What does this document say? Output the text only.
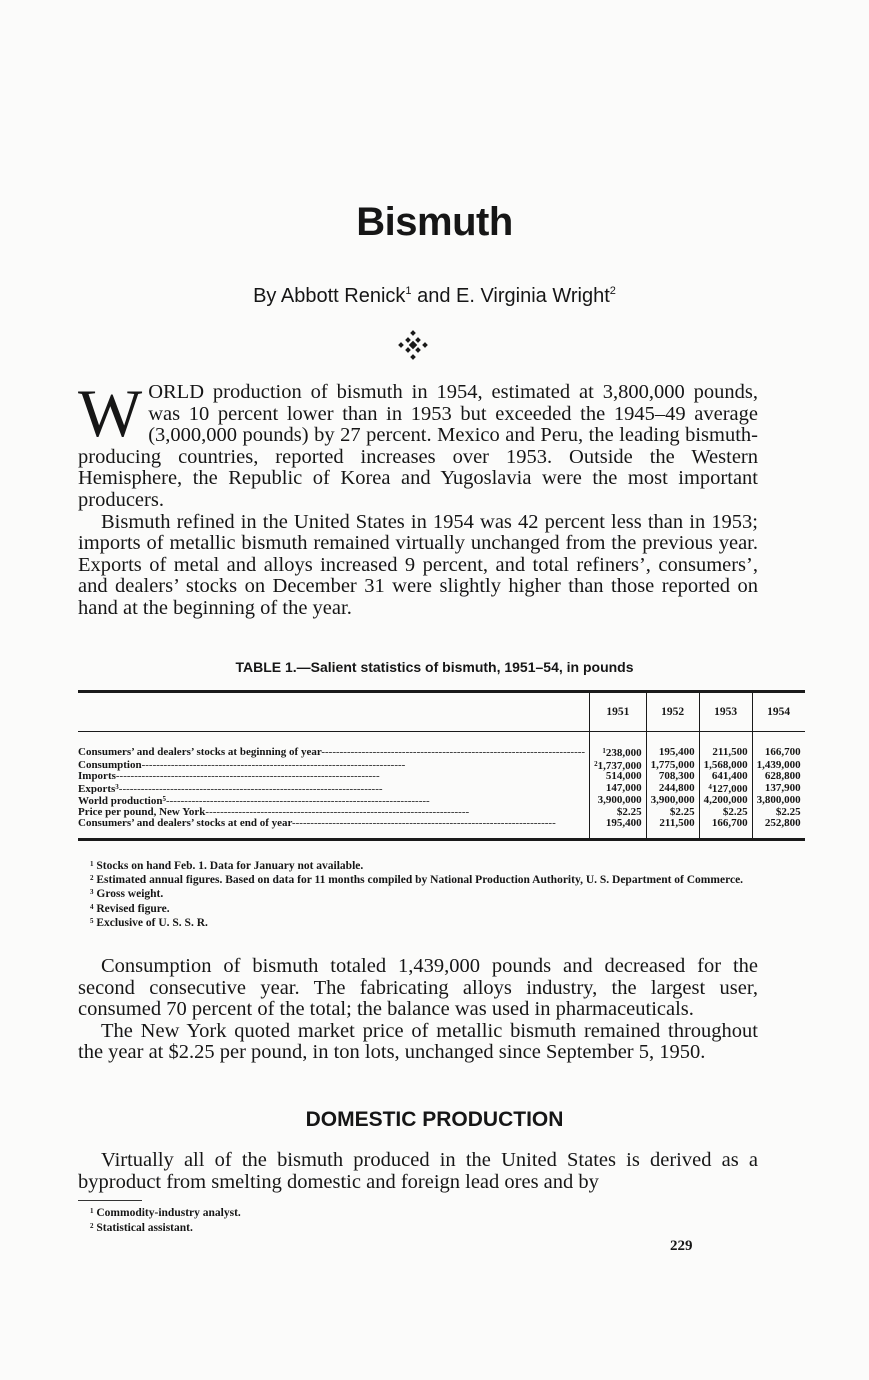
Bismuth
By Abbott Renick$^1$ and E. Virginia Wright$^2$

WORLD production of bismuth in 1954, estimated at 3,800,000 pounds, was 10 percent lower than in 1953 but exceeded the 1945–49 average (3,000,000 pounds) by 27 percent. Mexico and Peru, the leading bismuth-producing countries, reported increases over 1953. Outside the Western Hemisphere, the Republic of Korea and Yugoslavia were the most important producers.

Bismuth refined in the United States in 1954 was 42 percent less than in 1953; imports of metallic bismuth remained virtually unchanged from the previous year. Exports of metal and alloys increased 9 percent, and total refiners’, consumers’, and dealers’ stocks on December 31 were slightly higher than those reported on hand at the beginning of the year.

TABLE 1.—Salient statistics of bismuth, 1951–54, in pounds
	1951	1952	1953	1954

Consumers’ and dealers’ stocks at beginning of year------------------------------------------------------------------------	$^1$238,000	195,400	211,500	166,700
Consumption------------------------------------------------------------------------	$^2$1,737,000	1,775,000	1,568,000	1,439,000
Imports------------------------------------------------------------------------	514,000	708,300	641,400	628,800
Exports$^3$------------------------------------------------------------------------	147,000	244,800	$^4$127,000	137,900
World production$^5$------------------------------------------------------------------------	3,900,000	3,900,000	4,200,000	3,800,000
Price per pound, New York------------------------------------------------------------------------	$2.25	$2.25	$2.25	$2.25
Consumers’ and dealers’ stocks at end of year------------------------------------------------------------------------	195,400	211,500	166,700	252,800
$^1$ Stocks on hand Feb. 1. Data for January not available.
$^2$ Estimated annual figures. Based on data for 11 months compiled by National Production Authority, U. S. Department of Commerce.
$^3$ Gross weight.
$^4$ Revised figure.
$^5$ Exclusive of U. S. S. R.

Consumption of bismuth totaled 1,439,000 pounds and decreased for the second consecutive year. The fabricating alloys industry, the largest user, consumed 70 percent of the total; the balance was used in pharmaceuticals.

The New York quoted market price of metallic bismuth remained throughout the year at $2.25 per pound, in ton lots, unchanged since September 5, 1950.

DOMESTIC PRODUCTION

Virtually all of the bismuth produced in the United States is derived as a byproduct from smelting domestic and foreign lead ores and by

$^1$ Commodity-industry analyst.
$^2$ Statistical assistant.
229
